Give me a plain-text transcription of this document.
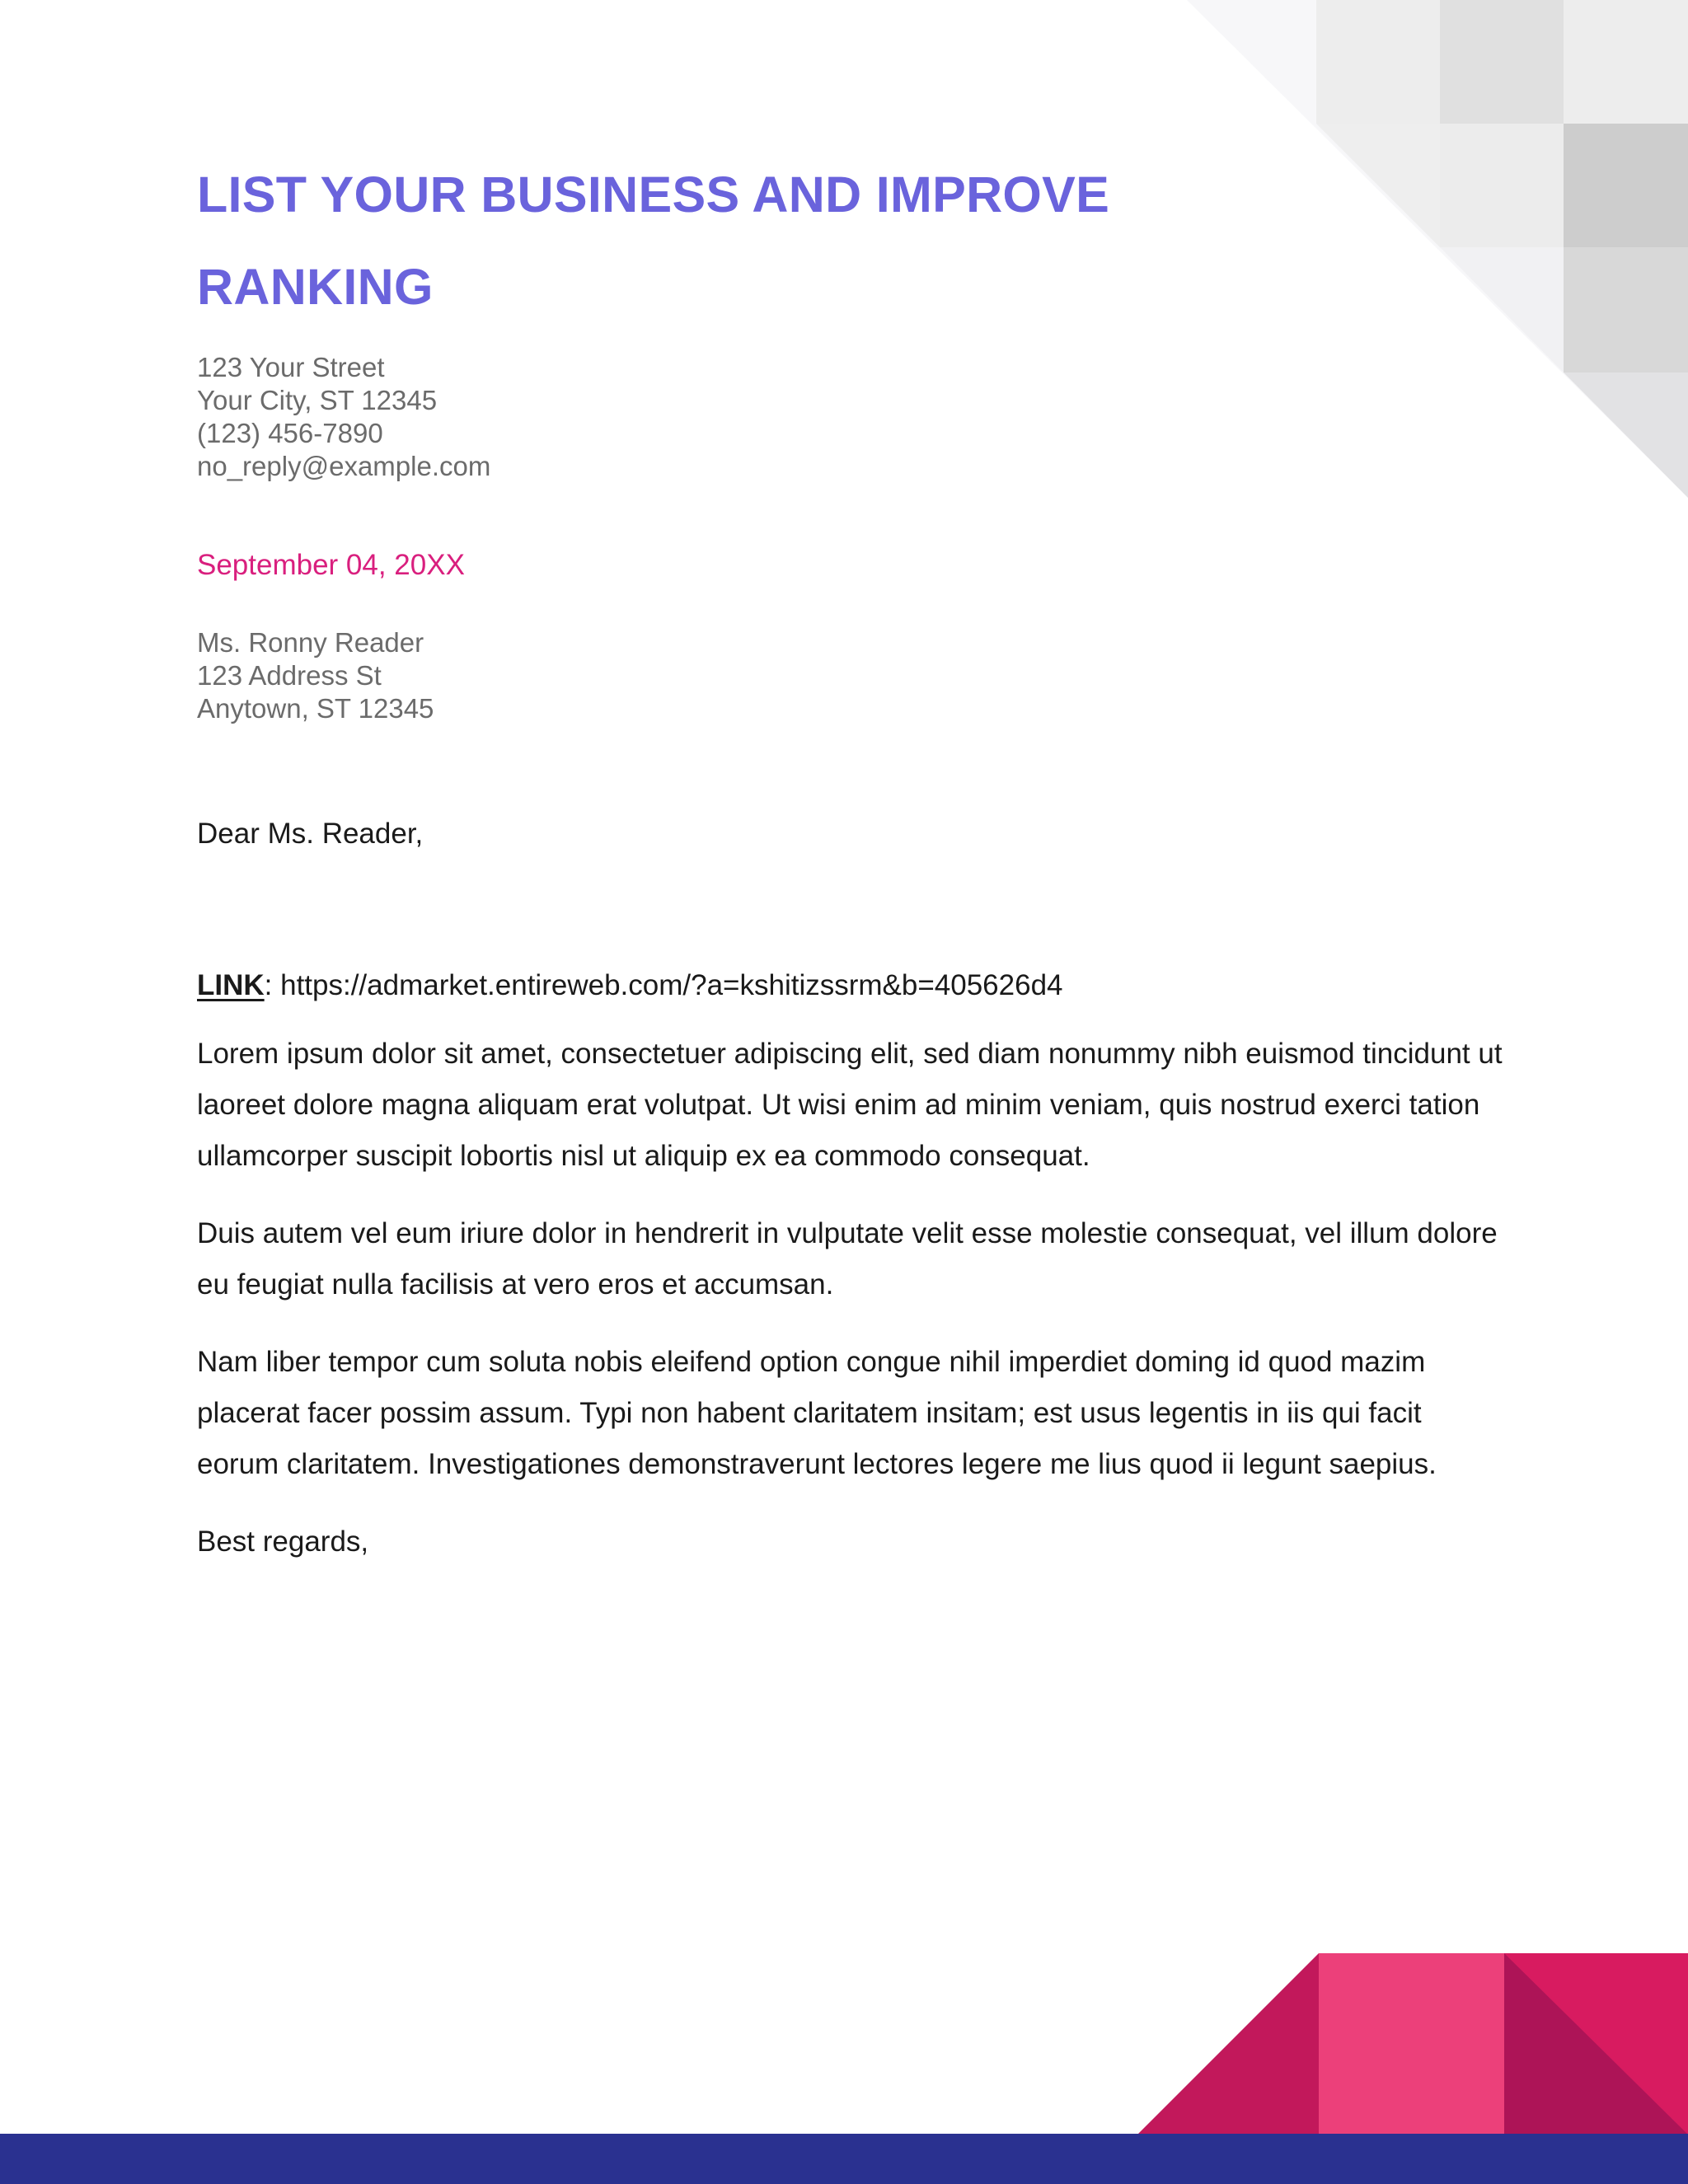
LIST YOUR BUSINESS AND IMPROVE RANKING
123 Your Street
Your City, ST 12345
(123) 456-7890
no_reply@example.com
September 04, 20XX
Ms. Ronny Reader
123 Address St
Anytown, ST 12345
Dear Ms. Reader,
LINK: https://admarket.entireweb.com/?a=kshitizssrm&b=405626d4

Lorem ipsum dolor sit amet, consectetuer adipiscing elit, sed diam nonummy nibh euismod tincidunt ut laoreet dolore magna aliquam erat volutpat. Ut wisi enim ad minim veniam, quis nostrud exerci tation ullamcorper suscipit lobortis nisl ut aliquip ex ea commodo consequat.

Duis autem vel eum iriure dolor in hendrerit in vulputate velit esse molestie consequat, vel illum dolore eu feugiat nulla facilisis at vero eros et accumsan.

Nam liber tempor cum soluta nobis eleifend option congue nihil imperdiet doming id quod mazim placerat facer possim assum. Typi non habent claritatem insitam; est usus legentis in iis qui facit eorum claritatem. Investigationes demonstraverunt lectores legere me lius quod ii legunt saepius.

Best regards,
